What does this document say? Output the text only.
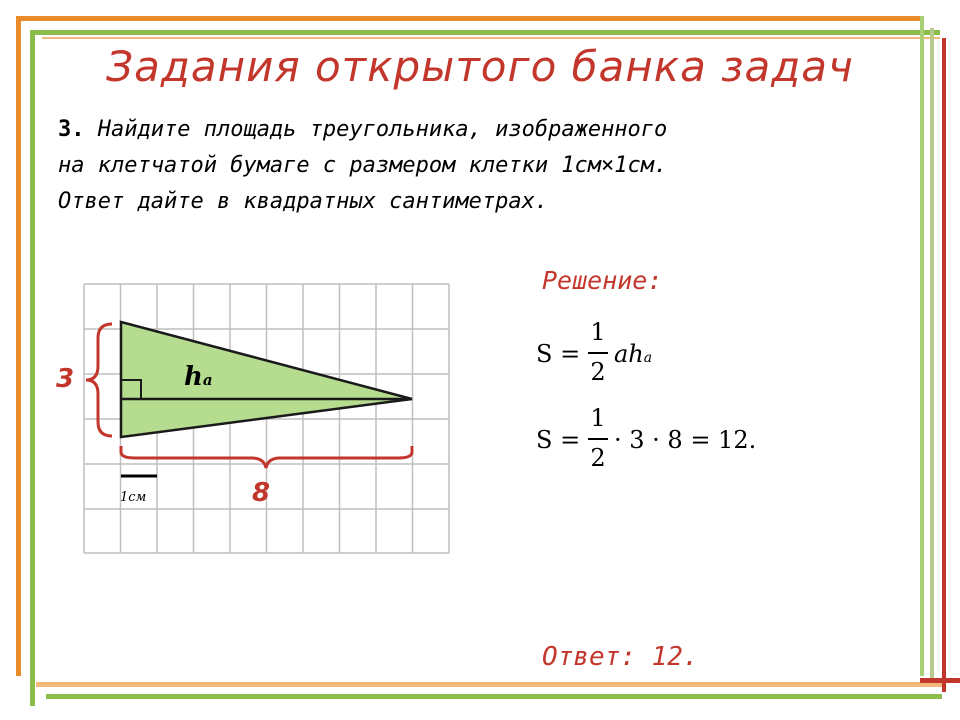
Задания открытого банка задач
3. Найдите площадь треугольника, изображенного
на клетчатой бумаге с размером клетки 1см×1см.
Ответ дайте в квадратных сантиметрах.
3
8
ha
1см
Решение:
S =
1
2
aha
S =
1
2
· 3 · 8 = 12.
Ответ: 12.
